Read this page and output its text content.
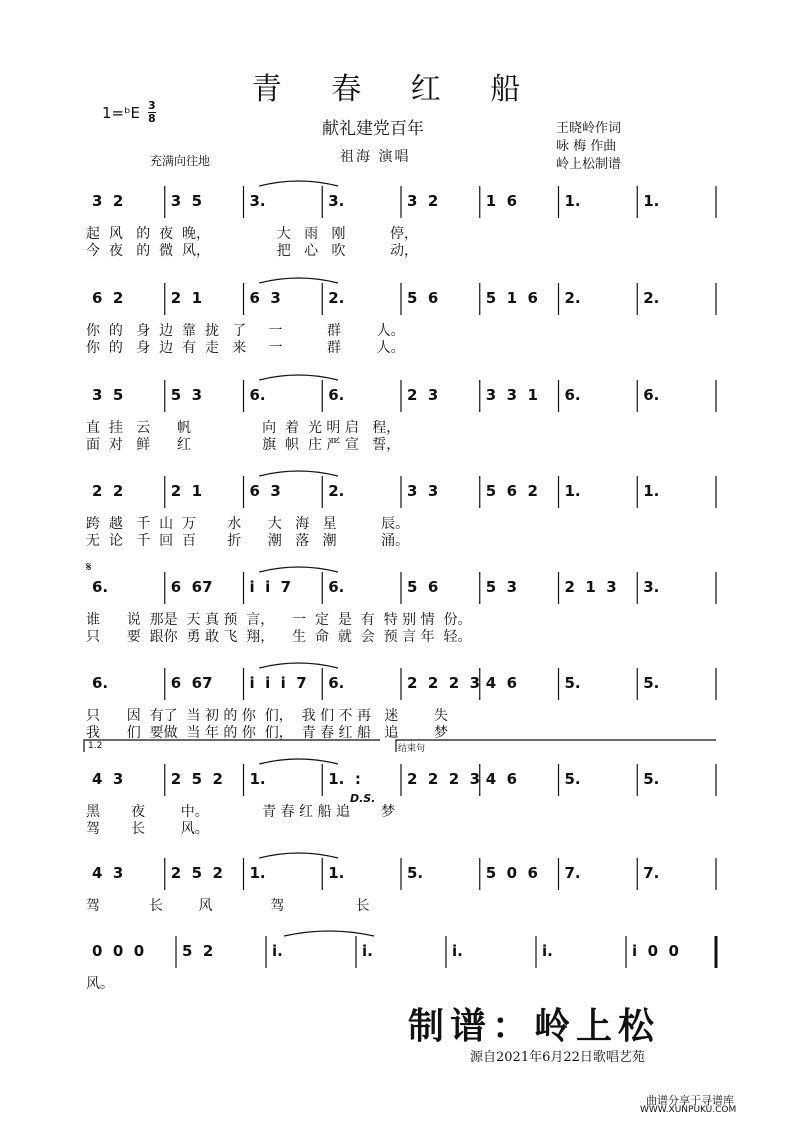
青 春 红 船
1=ᵇE 3
8
献礼建党百年
祖海 演唱
王晓岭作词
咏 梅 作曲
岭上松制谱
充满向往地
3  2	3  5	3.	3.	3  2	1  6	1.	1.
起  风   的  夜  晚，               大   雨   刚          停，
今  夜   的  微  风，               把   心   吹          动，
6  2	2  1	6  3	2.	5  6	5  1  6	2.	2.
你  的   身  边  靠  拢   了     一          群        人。
你  的   身  边  有  走   来     一          群        人。
3  5	5  3	6.	6.	2  3	3  3  1	6.	6.
直  挂   云      帆                向  着  光 明 启   程，
面  对   鲜      红                旗  帜  庄 严 宣   誓，
2  2	2  1	6  3	2.	3  3	5  6  2	1.	1.
跨  越   千  山  万       水      大   海   星          辰。
无  论   千  回  百       折      潮   落   潮          涌。
6.	6  67	i  i  7	6.	5  6	5  3	2  1  3	3.
谁      说  那是  天 真 预  言，    一  定  是  有  特 别 情  份。
只      要  跟你  勇 敢 飞  翔，    生  命  就  会  预 言 年  轻。
6.	6  67	i  i  i  7	6.	2  2  2  3 4  6	5.	5.
只      因  有了  当 初 的 你  们，  我 们 不 再   迷        失
我      们  要做  当 年 的 你  们，  青 春 红 船   追        梦
4  3	2  5  2	1.	1.  :	2  2  2  3 4  6	5.	5.
黑       夜        中。            青 春 红 船 追       梦
驾       长        风。
4  3	2  5  2	1.	1.	5.	5  0  6	7.	7.
驾           长        风             驾                长
0  0  0	5  2	i.	i.	i.	i.	i  0  0
风。
𝄋
D.S.
1.2	结束句
制谱：岭上松
源自2021年6月22日歌唱艺苑
曲谱分享于寻谱库
WWW.XUNPUKU.COM
